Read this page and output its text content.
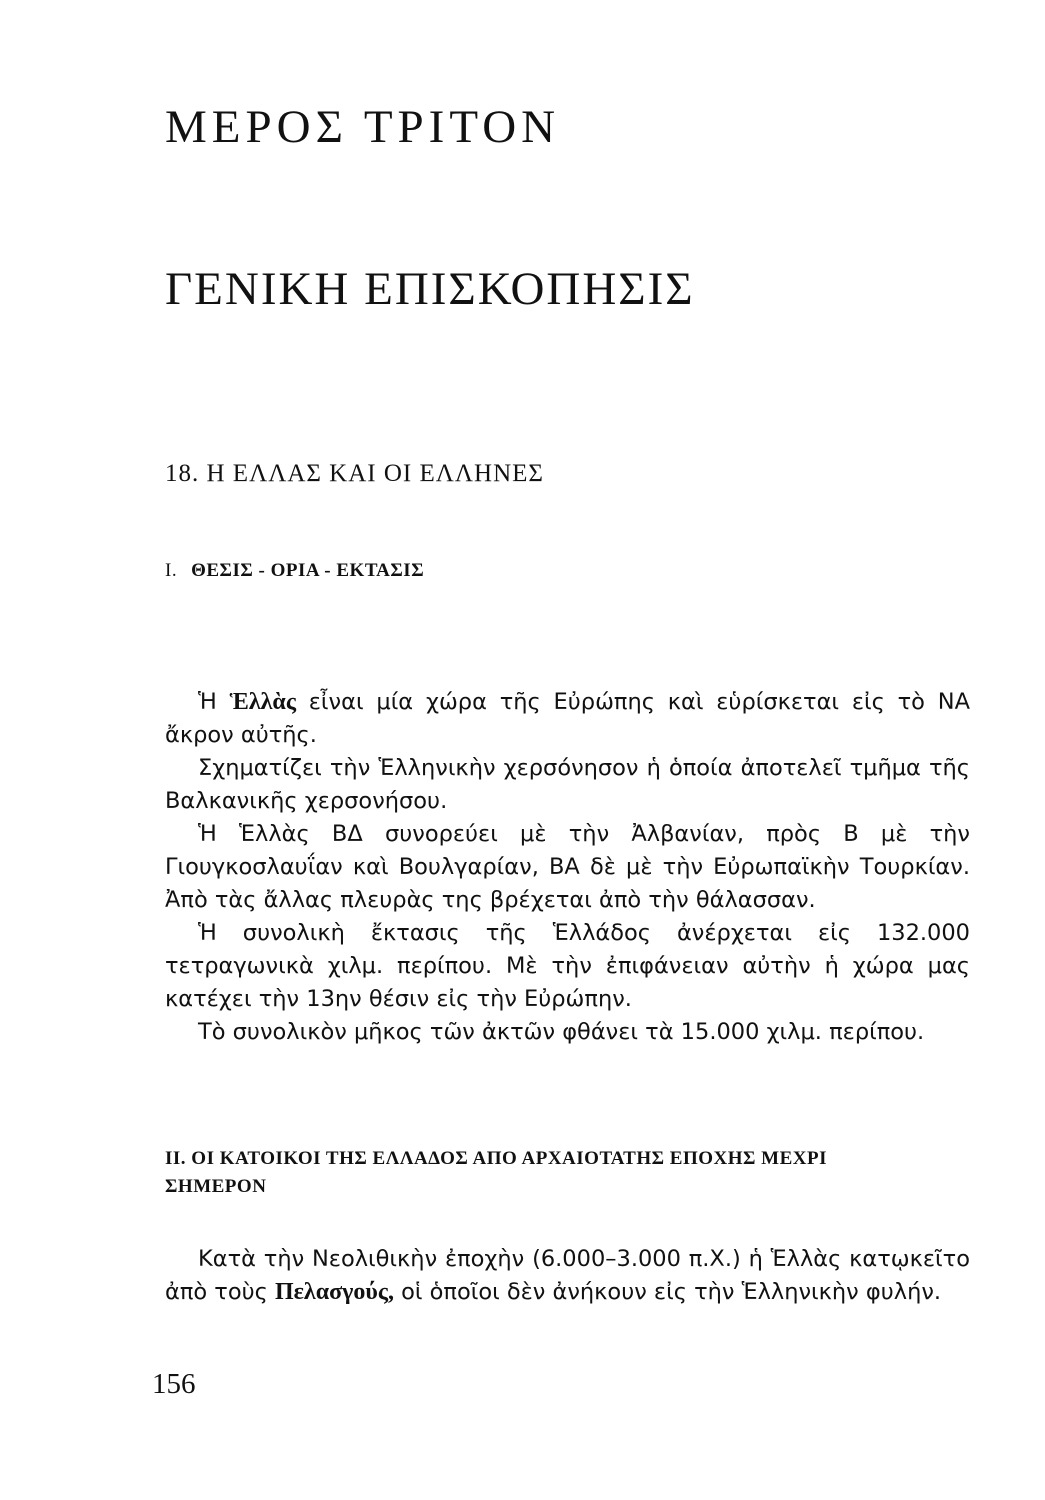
ΜΕΡΟΣ ΤΡΙΤΟΝ
ΓΕΝΙΚΗ ΕΠΙΣΚΟΠΗΣΙΣ
18. Η ΕΛΛΑΣ ΚΑΙ ΟΙ ΕΛΛΗΝΕΣ
Ι. ΘΕΣΙΣ - ΟΡΙΑ - ΕΚΤΑΣΙΣ

Ἡ Ἑλλὰς εἶναι μία χώρα τῆς Εὐρώπης καὶ εὑρίσκεται εἰς τὸ ΝΑ ἄκρον αὐτῆς.

Σχηματίζει τὴν Ἑλληνικὴν χερσόνησον ἡ ὁποία ἀποτελεῖ τμῆμα τῆς Βαλκανικῆς χερσονήσου.

Ἡ Ἑλλὰς ΒΔ συνορεύει μὲ τὴν Ἀλβανίαν, πρὸς Β μὲ τὴν Γιουγκοσλαυΐαν καὶ Βουλγαρίαν, ΒΑ δὲ μὲ τὴν Εὐρωπαϊκὴν Τουρκίαν. Ἀπὸ τὰς ἄλλας πλευρὰς της βρέχεται ἀπὸ τὴν θάλασσαν.

Ἡ συνολικὴ ἔκτασις τῆς Ἑλλάδος ἀνέρχεται εἰς 132.000 τετραγωνικὰ χιλμ. περίπου. Μὲ τὴν ἐπιφάνειαν αὐτὴν ἡ χώρα μας κατέχει τὴν 13ην θέσιν εἰς τὴν Εὐρώπην.

Τὸ συνολικὸν μῆκος τῶν ἀκτῶν φθάνει τὰ 15.000 χιλμ. περίπου.

ΙΙ. ΟΙ ΚΑΤΟΙΚΟΙ ΤΗΣ ΕΛΛΑΔΟΣ ΑΠΟ ΑΡΧΑΙΟΤΑΤΗΣ ΕΠΟΧΗΣ ΜΕΧΡΙ ΣΗΜΕΡΟΝ

Κατὰ τὴν Νεολιθικὴν ἐποχὴν (6.000–3.000 π.Χ.) ἡ Ἑλλὰς κατῳκεῖτο ἀπὸ τοὺς Πελασγούς, οἱ ὁποῖοι δὲν ἀνήκουν εἰς τὴν Ἑλληνικὴν φυλήν.

156
